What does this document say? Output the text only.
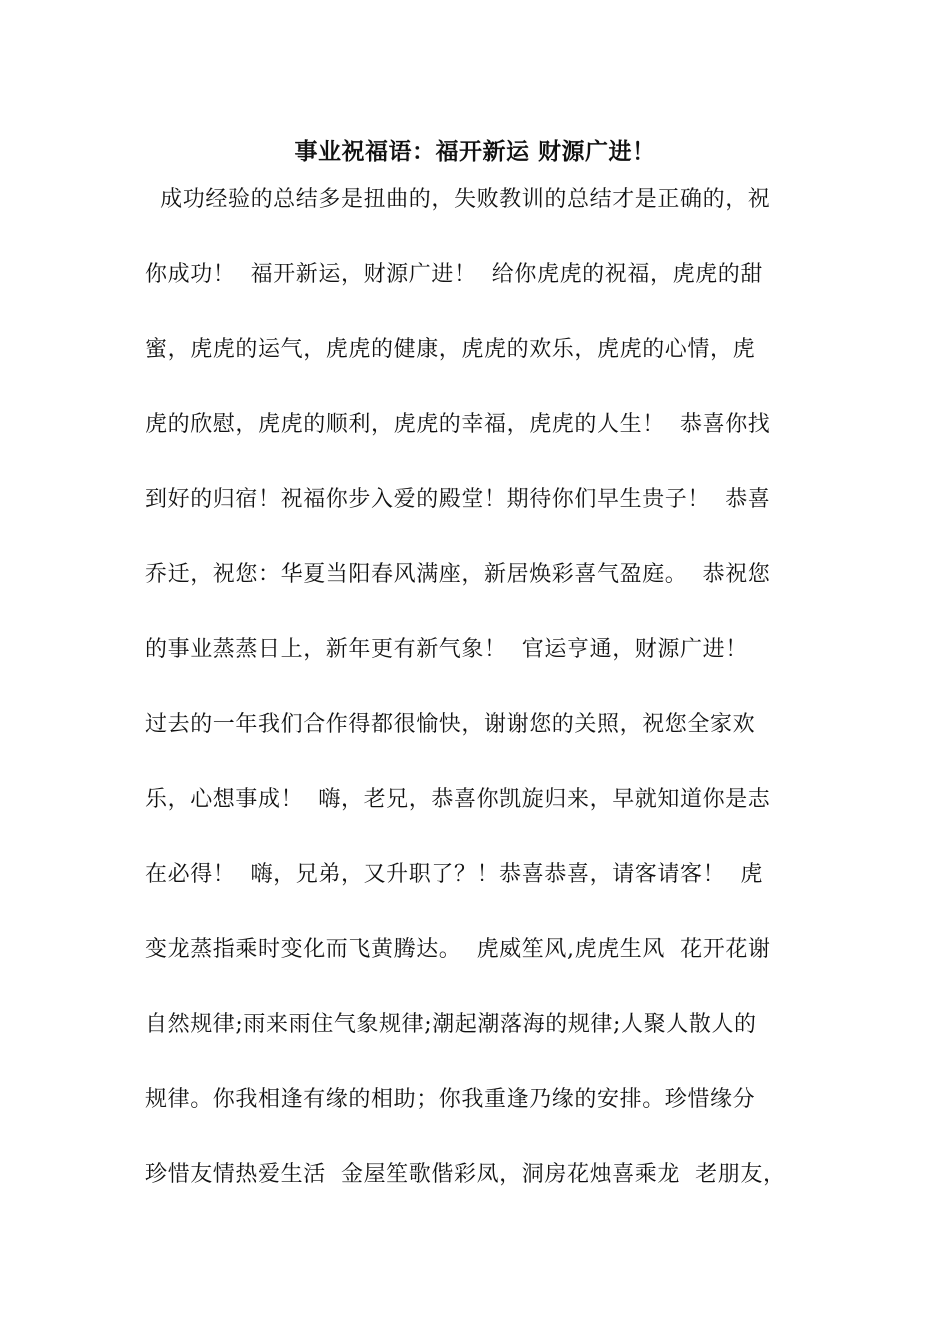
事业祝福语：福开新运 财源广进！
成功经验的总结多是扭曲的，失败教训的总结才是正确的，祝
你成功！  福开新运，财源广进！  给你虎虎的祝福，虎虎的甜
蜜，虎虎的运气，虎虎的健康，虎虎的欢乐，虎虎的心情，虎
虎的欣慰，虎虎的顺利，虎虎的幸福，虎虎的人生！  恭喜你找
到好的归宿！祝福你步入爱的殿堂！期待你们早生贵子！  恭喜
乔迁，祝您：华夏当阳春风满座，新居焕彩喜气盈庭。  恭祝您
的事业蒸蒸日上，新年更有新气象！  官运亨通，财源广进！
过去的一年我们合作得都很愉快，谢谢您的关照，祝您全家欢
乐，心想事成！  嗨，老兄，恭喜你凯旋归来，早就知道你是志
在必得！  嗨，兄弟，又升职了？！恭喜恭喜，请客请客！  虎
变龙蒸指乘时变化而飞黄腾达。  虎威笙风,虎虎生风  花开花谢
自然规律;雨来雨住气象规律;潮起潮落海的规律;人聚人散人的
规律。你我相逢有缘的相助；你我重逢乃缘的安排。珍惜缘分
珍惜友情热爱生活  金屋笙歌偕彩凤，洞房花烛喜乘龙  老朋友，
